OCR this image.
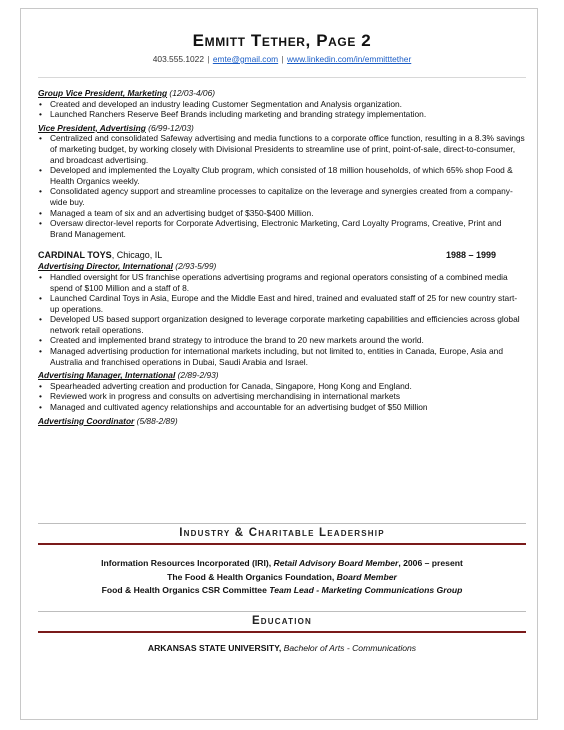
Emmitt Tether, Page 2
403.555.1022 | emte@gmail.com | www.linkedin.com/in/emmitttether
Group Vice President, Marketing (12/03-4/06)
• Created and developed an industry leading Customer Segmentation and Analysis organization.
• Launched Ranchers Reserve Beef Brands including marketing and branding strategy implementation.
Vice President, Advertising (6/99-12/03)
• Centralized and consolidated Safeway advertising and media functions to a corporate office function, resulting in a 8.3% savings of marketing budget, by working closely with Divisional Presidents to streamline use of print, point-of-sale, direct-to-consumer, and broadcast advertising.
• Developed and implemented the Loyalty Club program, which consisted of 18 million households, of which 65% shop Food & Health Organics weekly.
• Consolidated agency support and streamline processes to capitalize on the leverage and synergies created from a company-wide buy.
• Managed a team of six and an advertising budget of $350-$400 Million.
• Oversaw director-level reports for Corporate Advertising, Electronic Marketing, Card Loyalty Programs, Creative, Print and Brand Management.
CARDINAL TOYS, Chicago, IL	1988 – 1999
Advertising Director, International (2/93-5/99)
• Handled oversight for US franchise operations advertising programs and regional operators consisting of a combined media spend of $100 Million and a staff of 8.
• Launched Cardinal Toys in Asia, Europe and the Middle East and hired, trained and evaluated staff of 25 for new country start-up operations.
• Developed US based support organization designed to leverage corporate marketing capabilities and efficiencies across global network retail operations.
• Created and implemented brand strategy to introduce the brand to 20 new markets around the world.
• Managed advertising production for international markets including, but not limited to, entities in Canada, Europe, Asia and Australia and franchised operations in Dubai, Saudi Arabia and Israel.
Advertising Manager, International (2/89-2/93)
• Spearheaded adverting creation and production for Canada, Singapore, Hong Kong and England.
• Reviewed work in progress and consults on advertising merchandising in international markets
• Managed and cultivated agency relationships and accountable for an advertising budget of $50 Million
Advertising Coordinator (5/88-2/89)
Industry & Charitable Leadership
Information Resources Incorporated (IRI), Retail Advisory Board Member, 2006 – present
The Food & Health Organics Foundation, Board Member
Food & Health Organics CSR Committee Team Lead - Marketing Communications Group
Education
ARKANSAS STATE UNIVERSITY, Bachelor of Arts - Communications
